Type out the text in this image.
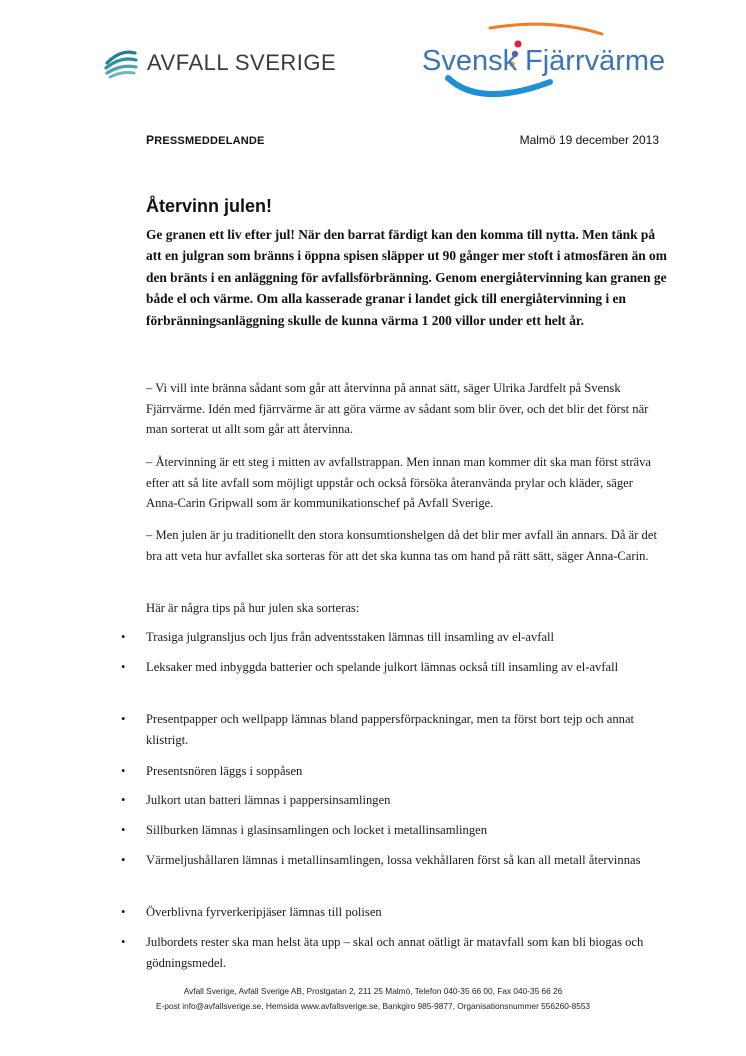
AVFALL SVERIGE	Svensk Fjärrvärme
PRESSMEDDELANDE	Malmö 19 december 2013
Återvinn julen!

Ge granen ett liv efter jul! När den barrat färdigt kan den komma till nytta. Men tänk på att en julgran som bränns i öppna spisen släpper ut 90 gånger mer stoft i atmosfären än om den bränts i en anläggning för avfallsförbränning. Genom energiåtervinning kan granen ge både el och värme. Om alla kasserade granar i landet gick till energiåtervinning i en förbränningsanläggning skulle de kunna värma 1 200 villor under ett helt år.

– Vi vill inte bränna sådant som går att återvinna på annat sätt, säger Ulrika Jardfelt på Svensk Fjärrvärme. Idén med fjärrvärme är att göra värme av sådant som blir över, och det blir det först när man sorterat ut allt som går att återvinna.

– Återvinning är ett steg i mitten av avfallstrappan. Men innan man kommer dit ska man först sträva efter att så lite avfall som möjligt uppstår och också försöka återanvända prylar och kläder, säger Anna-Carin Gripwall som är kommunikationschef på Avfall Sverige.

– Men julen är ju traditionellt den stora konsumtionshelgen då det blir mer avfall än annars. Då är det bra att veta hur avfallet ska sorteras för att det ska kunna tas om hand på rätt sätt, säger Anna-Carin.

Här är några tips på hur julen ska sorteras:

• Trasiga julgransljus och ljus från adventsstaken lämnas till insamling av el-avfall
• Leksaker med inbyggda batterier och spelande julkort lämnas också till insamling av el-avfall
• Presentpapper och wellpapp lämnas bland pappersförpackningar, men ta först bort tejp och annat klistrigt.
• Presentsnören läggs i soppåsen
• Julkort utan batteri lämnas i pappersinsamlingen
• Sillburken lämnas i glasinsamlingen och locket i metallinsamlingen
• Värmeljushållaren lämnas i metallinsamlingen, lossa vekhållaren först så kan all metall återvinnas
• Överblivna fyrverkeripjäser lämnas till polisen
• Julbordets rester ska man helst äta upp – skal och annat oätligt är matavfall som kan bli biogas och gödningsmedel.
Avfall Sverige, Avfall Sverige AB, Prostgatan 2, 211 25 Malmö, Telefon 040-35 66 00, Fax 040-35 66 26
E-post info@avfallsverige.se, Hemsida www.avfallsverige.se, Bankgiro 985-9877, Organisationsnummer 556260-8553
